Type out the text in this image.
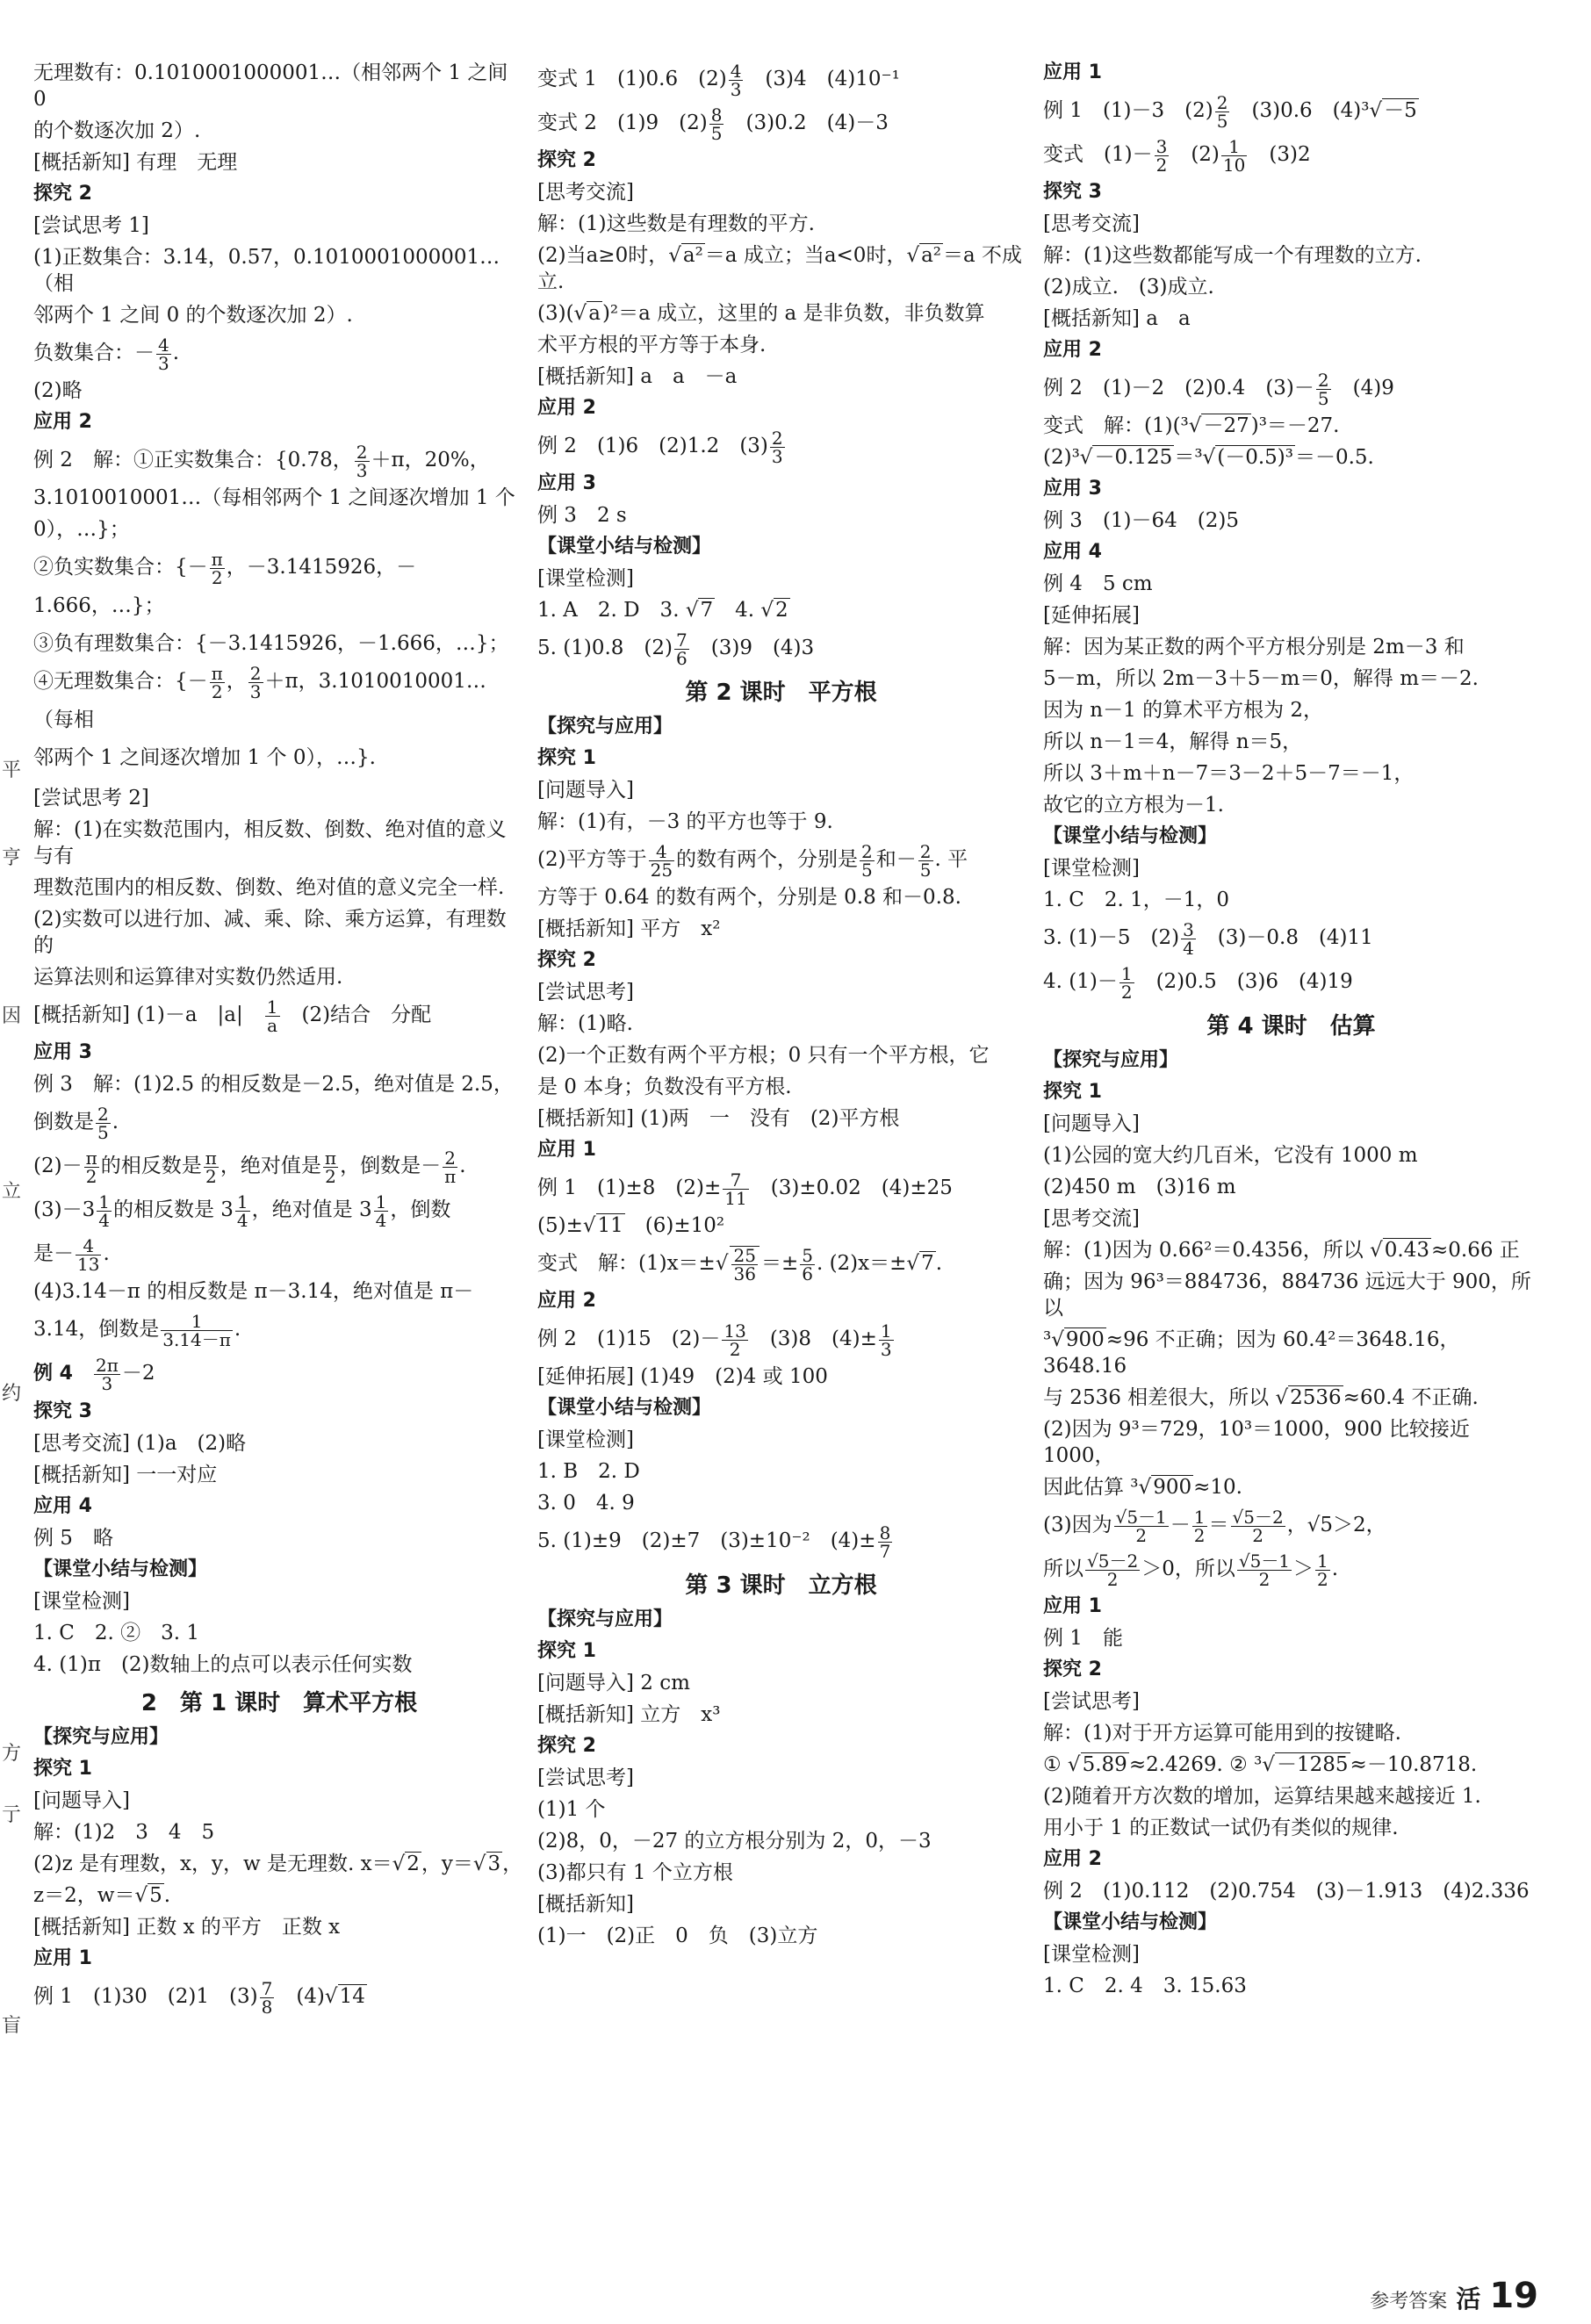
无理数有：0.1010001000001…（相邻两个 1 之间 0
的个数逐次加 2）.
[概括新知] 有理　无理
探究 2
[尝试思考 1]
(1)正数集合：3.14，0.57，0.1010001000001…（相
邻两个 1 之间 0 的个数逐次加 2）.
负数集合：－ $\frac{4}{3}$ .
(2)略
应用 2
例 2　解：①正实数集合：{0.78， $\frac{2}{3} +\pi$，20%，
3.1010010001…（每相邻两个 1 之间逐次增加 1 个
0），…}；
②负实数集合：{－ $\frac{\pi}{2}$ ，－3.1415926，－1.666，…}；
③负有理数集合：{－3.1415926，－1.666，…}；
④无理数集合：{－ $\frac{\pi}{2}$ ， $\frac{2}{3} +\pi$，3.1010010001…（每相
邻两个 1 之间逐次增加 1 个 0），…}.
[尝试思考 2]
解：(1)在实数范围内，相反数、倒数、绝对值的意义与有
理数范围内的相反数、倒数、绝对值的意义完全一样.
(2)实数可以进行加、减、乘、除、乘方运算，有理数的
运算法则和运算律对实数仍然适用.
[概括新知] (1)－a　|a|　 $\frac{1}{a}$ 　(2)结合　分配
应用 3
例 3　解：(1)2.5 的相反数是－2.5，绝对值是 2.5，
倒数是 $\frac{2}{5}$ .
$(2)- \frac{\pi}{2}$ 的相反数是 $\frac{\pi}{2}$ ，绝对值是 $\frac{\pi}{2}$ ，倒数是－ $\frac{2}{\pi}$ .
$(3)-3 \frac{1}{4}$ 的相反数是 $3 \frac{1}{4}$ ，绝对值是 $3 \frac{1}{4}$ ，倒数
是－ $\frac{4}{13}$ .
(4)3.14－π 的相反数是 π－3.14，绝对值是 π－
3.14，倒数是 $\frac{1}{3.14-\pi}$ .
例 4　 $\frac{2\pi}{3} -2$
探究 3
[思考交流] (1)a　(2)略
[概括新知] 一一对应
应用 4
例 5　略
【课堂小结与检测】
[课堂检测]
1. C　2. ②　3. 1
4. (1)π　(2)数轴上的点可以表示任何实数
2　第 1 课时　算术平方根
【探究与应用】
探究 1
[问题导入]
解：(1)2　3　4　5
(2)z 是有理数，x，y，w 是无理数. x＝√2，y＝√3，
z＝2，w＝√5.
[概括新知] 正数 x 的平方　正数 x
应用 1
例 1　(1)30　(2)1　$(3) \frac{7}{8}$ 　(4)√14
变式 1　(1)0.6　$(2) \frac{4}{3}$ 　(3)4　(4)10⁻¹
变式 2　(1)9　$(2) \frac{8}{5}$ 　(3)0.2　(4)－3
探究 2
[思考交流]
解：(1)这些数是有理数的平方.
(2)当a≥0时，√a²＝a 成立；当a<0时，√a²＝a 不成立.
(3)(√a)²＝a 成立，这里的 a 是非负数，非负数算
术平方根的平方等于本身.
[概括新知] a　a　－a
应用 2
例 2　(1)6　(2)1.2　$(3) \frac{2}{3}$
应用 3
例 3　2 s
【课堂小结与检测】
[课堂检测]
1. A　2. D　3. √7　4. √2
5. (1)0.8　$(2) \frac{7}{6}$ 　(3)9　(4)3
第 2 课时　平方根
【探究与应用】
探究 1
[问题导入]
解：(1)有，－3 的平方也等于 9.
(2)平方等于 $\frac{4}{25}$ 的数有两个，分别是 $\frac{2}{5}$ 和－ $\frac{2}{5}$ . 平
方等于 0.64 的数有两个，分别是 0.8 和－0.8.
[概括新知] 平方　x²
探究 2
[尝试思考]
解：(1)略.
(2)一个正数有两个平方根；0 只有一个平方根，它
是 0 本身；负数没有平方根.
[概括新知] (1)两　一　没有　(2)平方根
应用 1
例 1　(1)±8　$(2)\pm \frac{7}{11}$ 　(3)±0.02　(4)±25
(5)±√11　(6)±10²
变式　解：$(1)x=\pm√ \frac{25}{36} =\pm \frac{5}{6}$ . (2)x＝±√7.
应用 2
例 2　(1)15　$(2)- \frac{13}{2}$ 　(3)8　$(4)\pm \frac{1}{3}$
[延伸拓展] (1)49　(2)4 或 100
【课堂小结与检测】
[课堂检测]
1. B　2. D
3. 0　4. 9
5. (1)±9　(2)±7　(3)±10⁻²　$(4)\pm \frac{8}{7}$
第 3 课时　立方根
【探究与应用】
探究 1
[问题导入] 2 cm
[概括新知] 立方　x³
探究 2
[尝试思考]
(1)1 个
(2)8，0，－27 的立方根分别为 2，0，－3
(3)都只有 1 个立方根
[概括新知]
(1)一　(2)正　0　负　(3)立方
应用 1
例 1　(1)－3　$(2) \frac{2}{5}$ 　(3)0.6　(4)³√－5
变式　$(1)- \frac{3}{2}$ 　$(2) \frac{1}{10}$ 　(3)2
探究 3
[思考交流]
解：(1)这些数都能写成一个有理数的立方.
(2)成立.　(3)成立.
[概括新知] a　a
应用 2
例 2　(1)－2　(2)0.4　$(3)- \frac{2}{5}$ 　(4)9
变式　解：(1)(³√－27)³＝－27.
(2)³√－0.125＝³√(－0.5)³＝－0.5.
应用 3
例 3　(1)－64　(2)5
应用 4
例 4　5 cm
[延伸拓展]
解：因为某正数的两个平方根分别是 2m－3 和
5－m，所以 2m－3＋5－m＝0，解得 m＝－2.
因为 n－1 的算术平方根为 2，
所以 n－1＝4，解得 n＝5，
所以 3＋m＋n－7＝3－2＋5－7＝－1，
故它的立方根为－1.
【课堂小结与检测】
[课堂检测]
1. C　2. 1，－1，0
3. (1)－5　$(2) \frac{3}{4}$ 　(3)－0.8　(4)11
4. $(1)- \frac{1}{2}$ 　(2)0.5　(3)6　(4)19
第 4 课时　估算
【探究与应用】
探究 1
[问题导入]
(1)公园的宽大约几百米，它没有 1000 m
(2)450 m　(3)16 m
[思考交流]
解：(1)因为 0.66²＝0.4356，所以 √0.43≈0.66 正
确；因为 96³＝884736，884736 远远大于 900，所以
³√900≈96 不正确；因为 60.4²＝3648.16，3648.16
与 2536 相差很大，所以 √2536≈60.4 不正确.
(2)因为 9³＝729，10³＝1000，900 比较接近 1000，
因此估算 ³√900≈10.
(3)因为 $\frac{√5-1}{2} - \frac{1}{2} = \frac{√5-2}{2}$ ，√5＞2，
所以 $\frac{√5-2}{2} >0$，所以 $\frac{√5-1}{2} > \frac{1}{2}$ .
应用 1
例 1　能
探究 2
[尝试思考]
解：(1)对于开方运算可能用到的按键略.
① √5.89≈2.4269. ② ³√－1285≈－10.8718.
(2)随着开方次数的增加，运算结果越来越接近 1.
用小于 1 的正数试一试仍有类似的规律.
应用 2
例 2　(1)0.112　(2)0.754　(3)－1.913　(4)2.336
【课堂小结与检测】
[课堂检测]
1. C　2. 4　3. 15.63
平
亨
因
立
约
方
亍
盲
参考答案 活 19
